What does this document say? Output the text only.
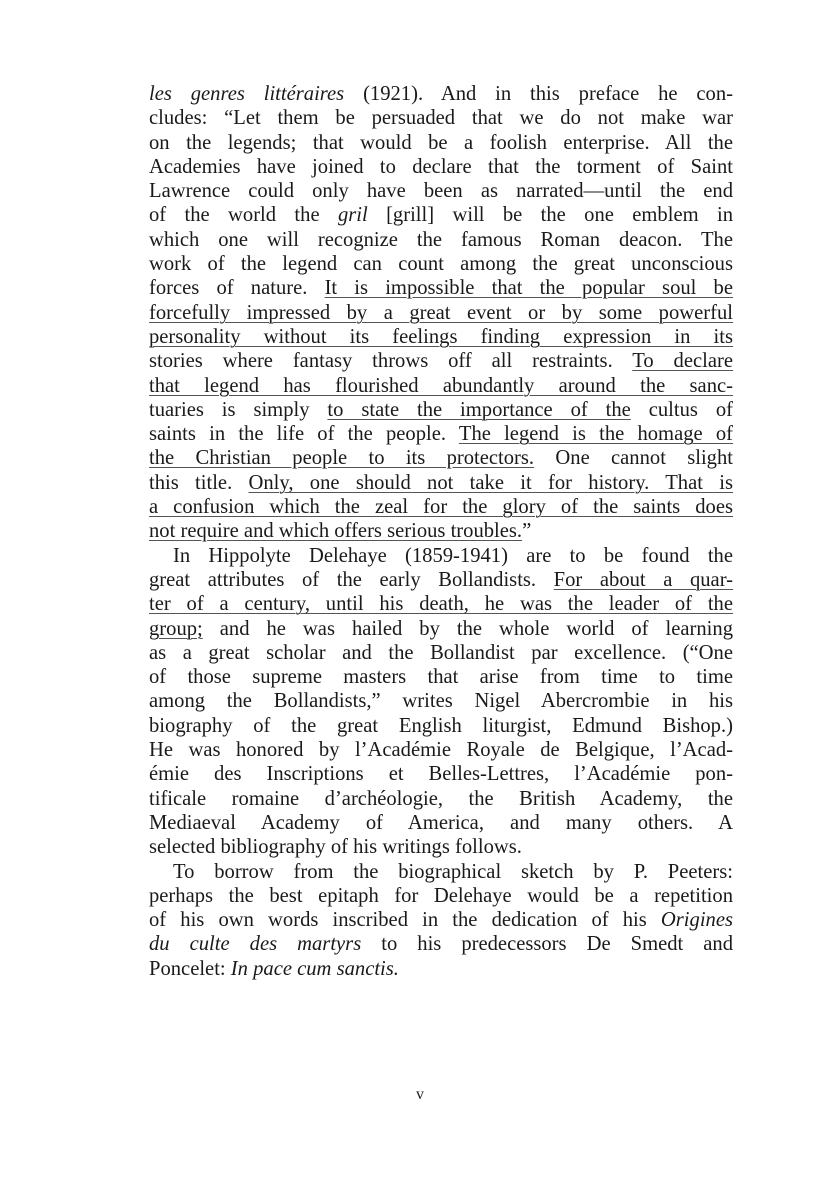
les genres littéraires (1921). And in this preface he con-
cludes: “Let them be persuaded that we do not make war
on the legends; that would be a foolish enterprise. All the
Academies have joined to declare that the torment of Saint
Lawrence could only have been as narrated—until the end
of the world the gril [grill] will be the one emblem in
which one will recognize the famous Roman deacon. The
work of the legend can count among the great unconscious
forces of nature. It is impossible that the popular soul be
forcefully impressed by a great event or by some powerful
personality without its feelings finding expression in its
stories where fantasy throws off all restraints. To declare
that legend has flourished abundantly around the sanc-
tuaries is simply to state the importance of the cultus of
saints in the life of the people. The legend is the homage of
the Christian people to its protectors. One cannot slight
this title. Only, one should not take it for history. That is
a confusion which the zeal for the glory of the saints does
not require and which offers serious troubles.”
In Hippolyte Delehaye (1859-1941) are to be found the
great attributes of the early Bollandists. For about a quar-
ter of a century, until his death, he was the leader of the
group; and he was hailed by the whole world of learning
as a great scholar and the Bollandist par excellence. (“One
of those supreme masters that arise from time to time
among the Bollandists,” writes Nigel Abercrombie in his
biography of the great English liturgist, Edmund Bishop.)
He was honored by l’Académie Royale de Belgique, l’Acad-
émie des Inscriptions et Belles-Lettres, l’Académie pon-
tificale romaine d’archéologie, the British Academy, the
Mediaeval Academy of America, and many others. A
selected bibliography of his writings follows.
To borrow from the biographical sketch by P. Peeters:
perhaps the best epitaph for Delehaye would be a repetition
of his own words inscribed in the dedication of his Origines
du culte des martyrs to his predecessors De Smedt and
Poncelet: In pace cum sanctis.
v
